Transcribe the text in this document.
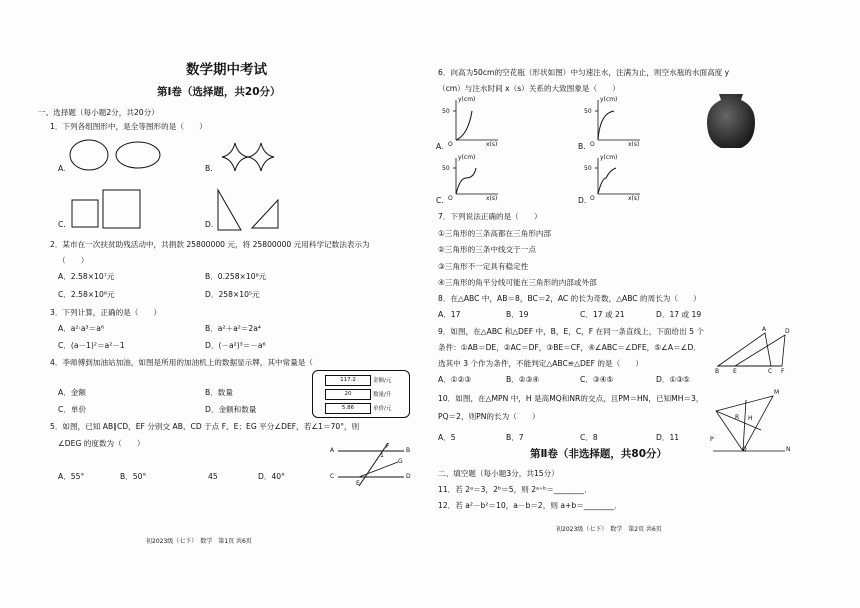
数学期中考试
第Ⅰ卷（选择题，共20分）
一、选择题（每小题2分，共20分）
1．下列各组图形中，是全等图形的是（　　）
A.	B.
C.	D.
2．某市在一次扶贫助残活动中，共捐款 25800000 元，将 25800000 元用科学记数法表示为
（　　）
A．2.58×10⁷元	B．0.258×10⁸元
C．2.58×10⁶元	D．258×10⁵元
3．下列计算，正确的是（　　）
A．a²·a³＝a⁶	B．a²＋a²＝2a⁴
C．(a－1)²＝a²－1	D．(－a²)³＝－a⁶
4．李师傅到加油站加油，如图是所用的加油机上的数据显示牌，其中常量是（
A．金额	B．数量
C．单价	D．金额和数量
117.2	金额/元
20	数量/升
5.86	单价/元
5．如图，已知 AB∥CD，EF 分别交 AB、CD 于点 F、E；EG 平分∠DEF，若∠1＝70°，则
∠DEG 的度数为（　　）
A．55°	B．50°	45	D．40°
A	B
C	D
E
F
G
1
初2023级（七下）　数学　第1页 共6页
6．向高为50cm的空花瓶（形状如图）中匀速注水，注满为止，则空水瓶的水面高度 y
（cm）与注水时间 x（s）关系的大致图象是（　　）
A.	B.
C.	D.
y(cm)
50
O	x(s)
y(cm)
50
O	x(s)
y(cm)
50
O	x(s)
y(cm)
50
O	x(s)
7．下列说法正确的是（　　）
①三角形的三条高都在三角形内部
②三角形的三条中线交于一点
③三角形不一定具有稳定性
④三角形的角平分线可能在三角形的内部或外部
8．在△ABC 中，AB＝8，BC＝2，AC 的长为奇数，△ABC 的周长为（　　）
A．17	B．19	C．17 或 21	D．17 或 19
9．如图，在△ABC 和△DEF 中，B，E，C，F 在同一条直线上，下面给出 5 个
条件：①AB＝DE，②AC＝DF，③BE＝CF，④∠ABC＝∠DFE，⑤∠A＝∠D．
选其中 3 个作为条件，不能判定△ABC≌△DEF 的是（　　）
A．①②③	B．②③④	C．③④⑤	D．①③⑤
A	D
B E	C F
10．如图，在△MPN 中，H 是高MQ和NR的交点，且PM＝HN，已知MH＝3，
PQ＝2，则PN的长为（　　）
A．5	B．7	C．8	D．11
M
R H
P
Q	N
第Ⅱ卷（非选择题，共80分）
二、填空题（每小题3分，共15分）
11．若 2ᵃ＝3，2ᵇ＝5，则 2ᵃ⁺ᵇ＝________．
12．若 a²－b²＝10，a－b＝2，则 a+b＝________．
初2023级（七下）　数学　第2页 共6页
